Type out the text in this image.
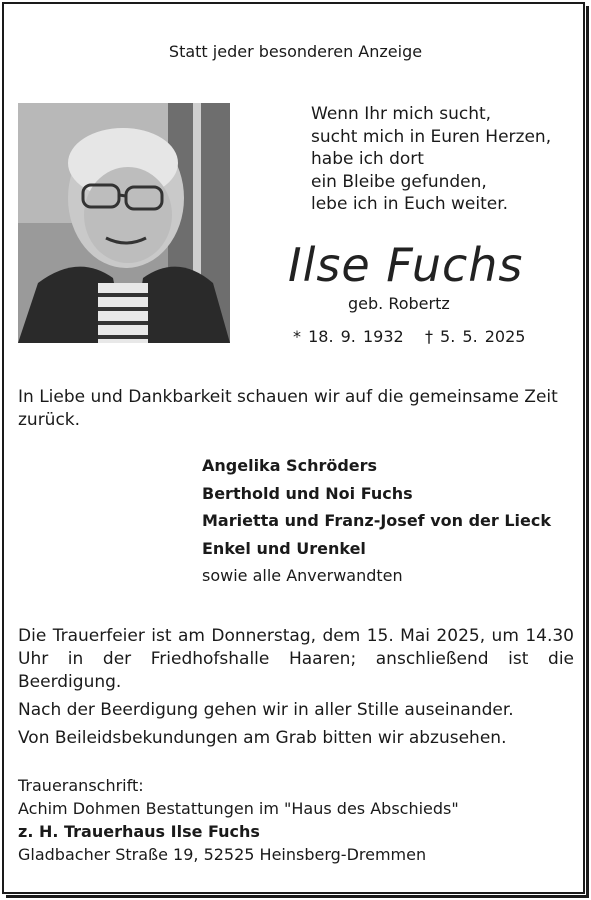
Statt jeder besonderen Anzeige
Wenn Ihr mich sucht,
sucht mich in Euren Herzen,
habe ich dort
ein Bleibe gefunden,
lebe ich in Euch weiter.
Ilse Fuchs
geb. Robertz
* 18. 9. 1932   † 5. 5. 2025
In Liebe und Dankbarkeit schauen wir auf die gemeinsame Zeit zurück.
Angelika Schröders
Berthold und Noi Fuchs
Marietta und Franz-Josef von der Lieck
Enkel und Urenkel
sowie alle Anverwandten

Die Trauerfeier ist am Donnerstag, dem 15. Mai 2025, um 14.30 Uhr in der Friedhofshalle Haaren; anschließend ist die Beerdigung.

Nach der Beerdigung gehen wir in aller Stille auseinander.

Von Beileidsbekundungen am Grab bitten wir abzusehen.

Traueranschrift:
Achim Dohmen Bestattungen im "Haus des Abschieds"
z. H. Trauerhaus Ilse Fuchs
Gladbacher Straße 19, 52525 Heinsberg-Dremmen
